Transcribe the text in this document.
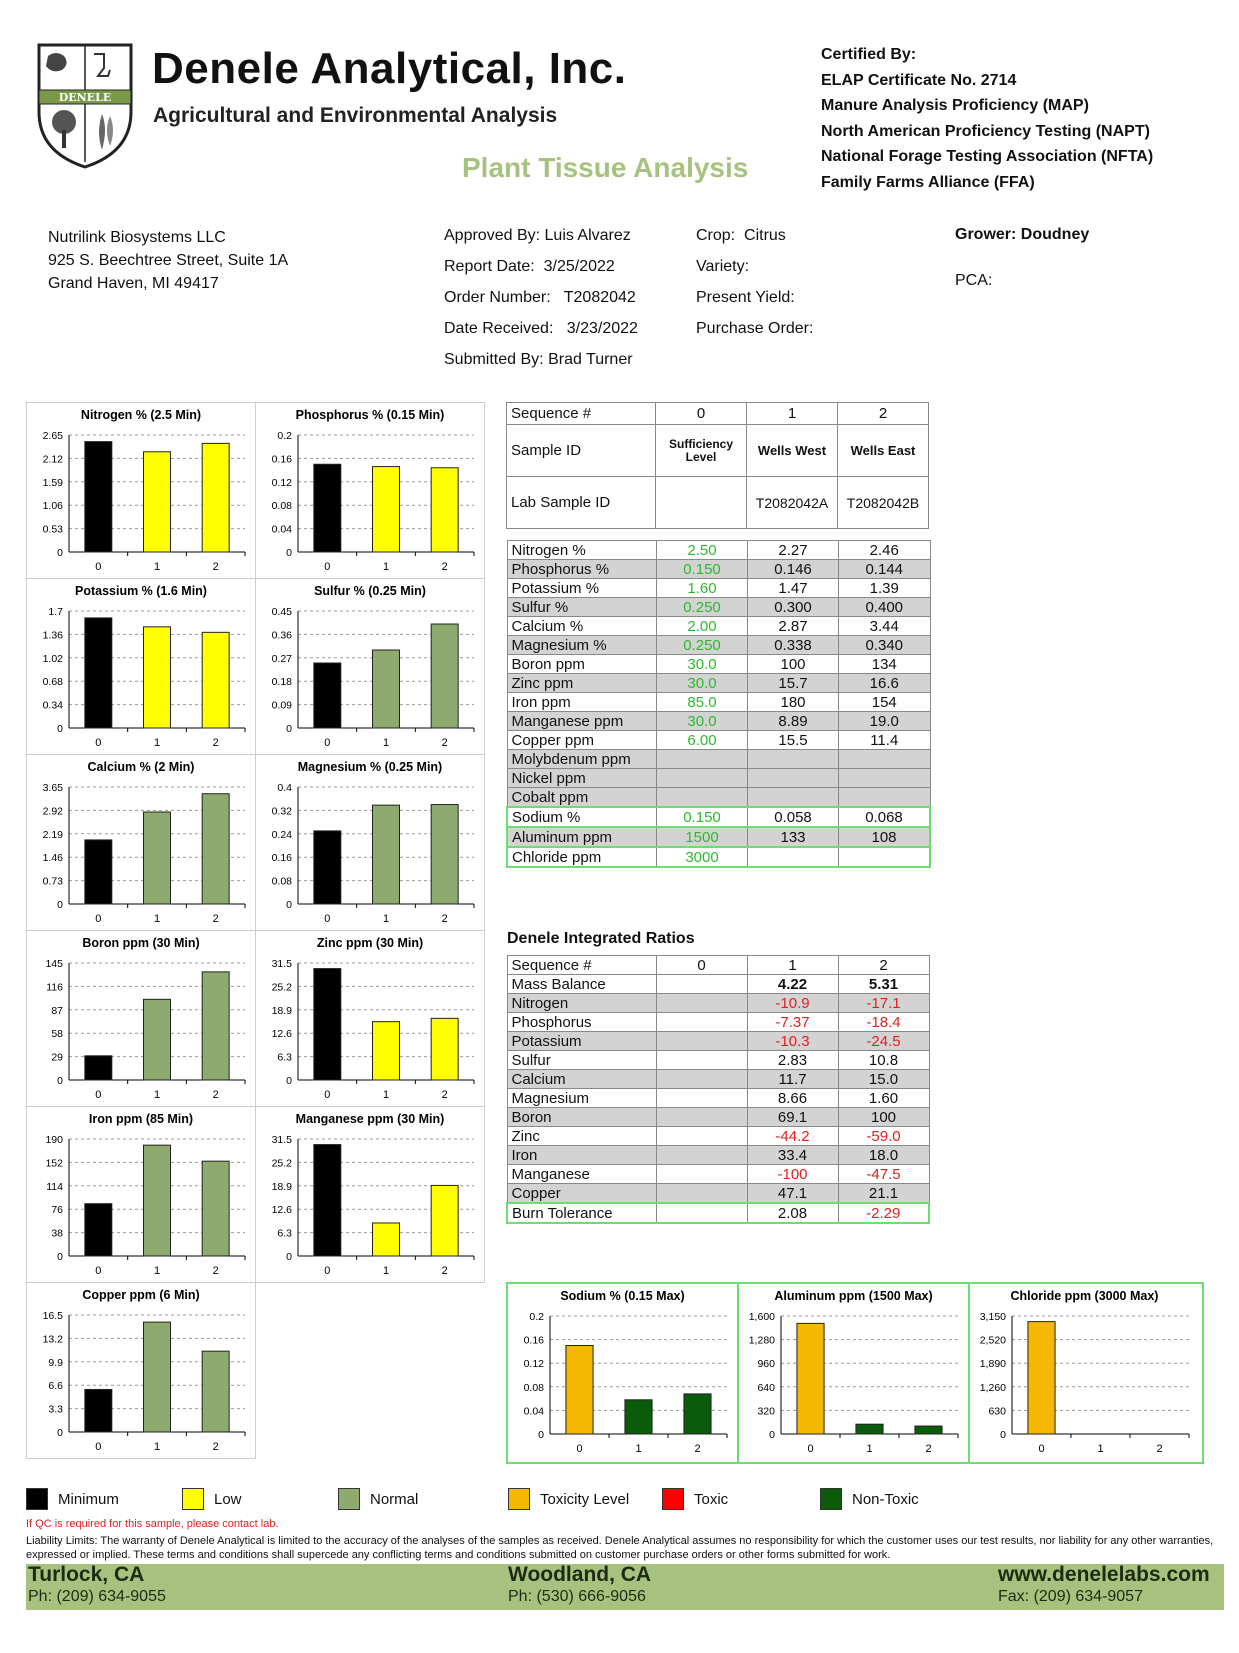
DENELE
Denele Analytical, Inc.
Agricultural and Environmental Analysis
Plant Tissue Analysis
Certified By:
ELAP Certificate No. 2714
Manure Analysis Proficiency (MAP)
North American Proficiency Testing (NAPT)
National Forage Testing Association (NFTA)
Family Farms Alliance (FFA)
Nutrilink Biosystems LLC
925 S. Beechtree Street, Suite 1A
Grand Haven, MI 49417
Approved By: Luis Alvarez
Report Date: 3/25/2022
Order Number: T2082042
Date Received: 3/23/2022
Submitted By: Brad Turner
Crop: Citrus
Variety:
Present Yield:
Purchase Order:
Grower: Doudney
PCA:
Nitrogen % (2.5 Min)
2.65
2.12
1.59
1.06
0.53
0
0	1	2
Phosphorus % (0.15 Min)
0.2
0.16
0.12
0.08
0.04
0
0	1	2
Potassium % (1.6 Min)
1.7
1.36
1.02
0.68
0.34
0
0	1	2
Sulfur % (0.25 Min)
0.45
0.36
0.27
0.18
0.09
0
0	1	2
Calcium % (2 Min)
3.65
2.92
2.19
1.46
0.73
0
0	1	2
Magnesium % (0.25 Min)
0.4
0.32
0.24
0.16
0.08
0
0	1	2
Boron ppm (30 Min)
145
116
87
58
29
0
0	1	2
Zinc ppm (30 Min)
31.5
25.2
18.9
12.6
6.3
0
0	1	2
Iron ppm (85 Min)
190
152
114
76
38
0
0	1	2
Manganese ppm (30 Min)
31.5
25.2
18.9
12.6
6.3
0
0	1	2
Copper ppm (6 Min)
16.5
13.2
9.9
6.6
3.3
0
0	1	2
Sequence #	0	1	2
Sample ID	Sufficiency Level	Wells West	Wells East
Lab Sample ID		T2082042A	T2082042B
Nitrogen %	2.50	2.27	2.46
Phosphorus %	0.150	0.146	0.144
Potassium %	1.60	1.47	1.39
Sulfur %	0.250	0.300	0.400
Calcium %	2.00	2.87	3.44
Magnesium %	0.250	0.338	0.340
Boron ppm	30.0	100	134
Zinc ppm	30.0	15.7	16.6
Iron ppm	85.0	180	154
Manganese ppm	30.0	8.89	19.0
Copper ppm	6.00	15.5	11.4
Molybdenum ppm			
Nickel ppm			
Cobalt ppm			
Sodium %	0.150	0.058	0.068
Aluminum ppm	1500	133	108
Chloride ppm	3000		
Denele Integrated Ratios
Sequence #	0	1	2
Mass Balance		4.22	5.31
Nitrogen		-10.9	-17.1
Phosphorus		-7.37	-18.4
Potassium		-10.3	-24.5
Sulfur		2.83	10.8
Calcium		11.7	15.0
Magnesium		8.66	1.60
Boron		69.1	100
Zinc		-44.2	-59.0
Iron		33.4	18.0
Manganese		-100	-47.5
Copper		47.1	21.1
Burn Tolerance		2.08	-2.29
Sodium % (0.15 Max)
0.2
0.16
0.12
0.08
0.04
0
0	1	2
Aluminum ppm (1500 Max)
1,600
1,280
960
640
320
0
0	1	2
Chloride ppm (3000 Max)
3,150
2,520
1,890
1,260
630
0
0	1	2
Minimum	Low	Normal	Toxicity Level	Toxic	Non-Toxic
If QC is required for this sample, please contact lab.
Liability Limits: The warranty of Denele Analytical is limited to the accuracy of the analyses of the samples as received. Denele Analytical assumes no responsibility for which the customer uses our test results, nor liability for any other warranties, expressed or implied. These terms and conditions shall supercede any conflicting terms and conditions submitted on customer purchase orders or other forms submitted for work.
Turlock, CA
Ph: (209) 634-9055
Woodland, CA
Ph: (530) 666-9056
www.denelelabs.com
Fax: (209) 634-9057
